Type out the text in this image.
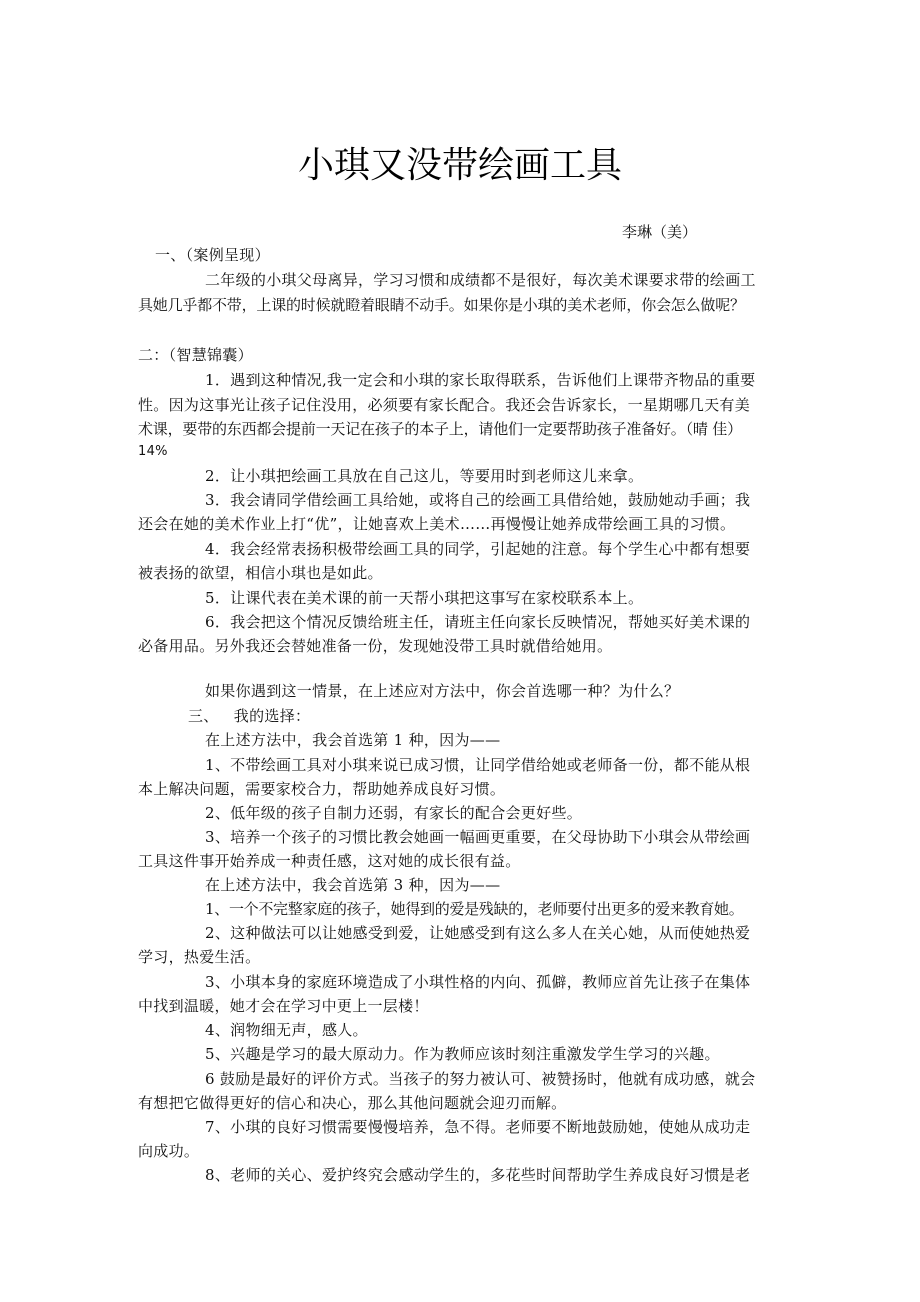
小琪又没带绘画工具
李琳（美）
一、（案例呈现）
二年级的小琪父母离异，学习习惯和成绩都不是很好，每次美术课要求带的绘画工
具她几乎都不带，上课的时候就瞪着眼睛不动手。如果你是小琪的美术老师，你会怎么做呢？
二：（智慧锦囊）
1．遇到这种情况,我一定会和小琪的家长取得联系，告诉他们上课带齐物品的重要
性。因为这事光让孩子记住没用，必须要有家长配合。我还会告诉家长，一星期哪几天有美
术课，要带的东西都会提前一天记在孩子的本子上，请他们一定要帮助孩子准备好。（晴 佳）
14%
2．让小琪把绘画工具放在自己这儿，等要用时到老师这儿来拿。
3．我会请同学借绘画工具给她，或将自己的绘画工具借给她，鼓励她动手画；我
还会在她的美术作业上打“优”，让她喜欢上美术……再慢慢让她养成带绘画工具的习惯。
4．我会经常表扬积极带绘画工具的同学，引起她的注意。每个学生心中都有想要
被表扬的欲望，相信小琪也是如此。
5．让课代表在美术课的前一天帮小琪把这事写在家校联系本上。
6．我会把这个情况反馈给班主任，请班主任向家长反映情况，帮她买好美术课的
必备用品。另外我还会替她准备一份，发现她没带工具时就借给她用。
如果你遇到这一情景，在上述应对方法中，你会首选哪一种？为什么？
三、   我的选择：
在上述方法中，我会首选第 1 种，因为——
1、不带绘画工具对小琪来说已成习惯，让同学借给她或老师备一份，都不能从根
本上解决问题，需要家校合力，帮助她养成良好习惯。
2、低年级的孩子自制力还弱，有家长的配合会更好些。
3、培养一个孩子的习惯比教会她画一幅画更重要，在父母协助下小琪会从带绘画
工具这件事开始养成一种责任感，这对她的成长很有益。
在上述方法中，我会首选第 3 种，因为——
1、一个不完整家庭的孩子，她得到的爱是残缺的，老师要付出更多的爱来教育她。
2、这种做法可以让她感受到爱，让她感受到有这么多人在关心她，从而使她热爱
学习，热爱生活。
3、小琪本身的家庭环境造成了小琪性格的内向、孤僻，教师应首先让孩子在集体
中找到温暖，她才会在学习中更上一层楼！
4、润物细无声，感人。
5、兴趣是学习的最大原动力。作为教师应该时刻注重激发学生学习的兴趣。
6 鼓励是最好的评价方式。当孩子的努力被认可、被赞扬时，他就有成功感，就会
有想把它做得更好的信心和决心，那么其他问题就会迎刃而解。
7、小琪的良好习惯需要慢慢培养，急不得。老师要不断地鼓励她，使她从成功走
向成功。
8、老师的关心、爱护终究会感动学生的，多花些时间帮助学生养成良好习惯是老
